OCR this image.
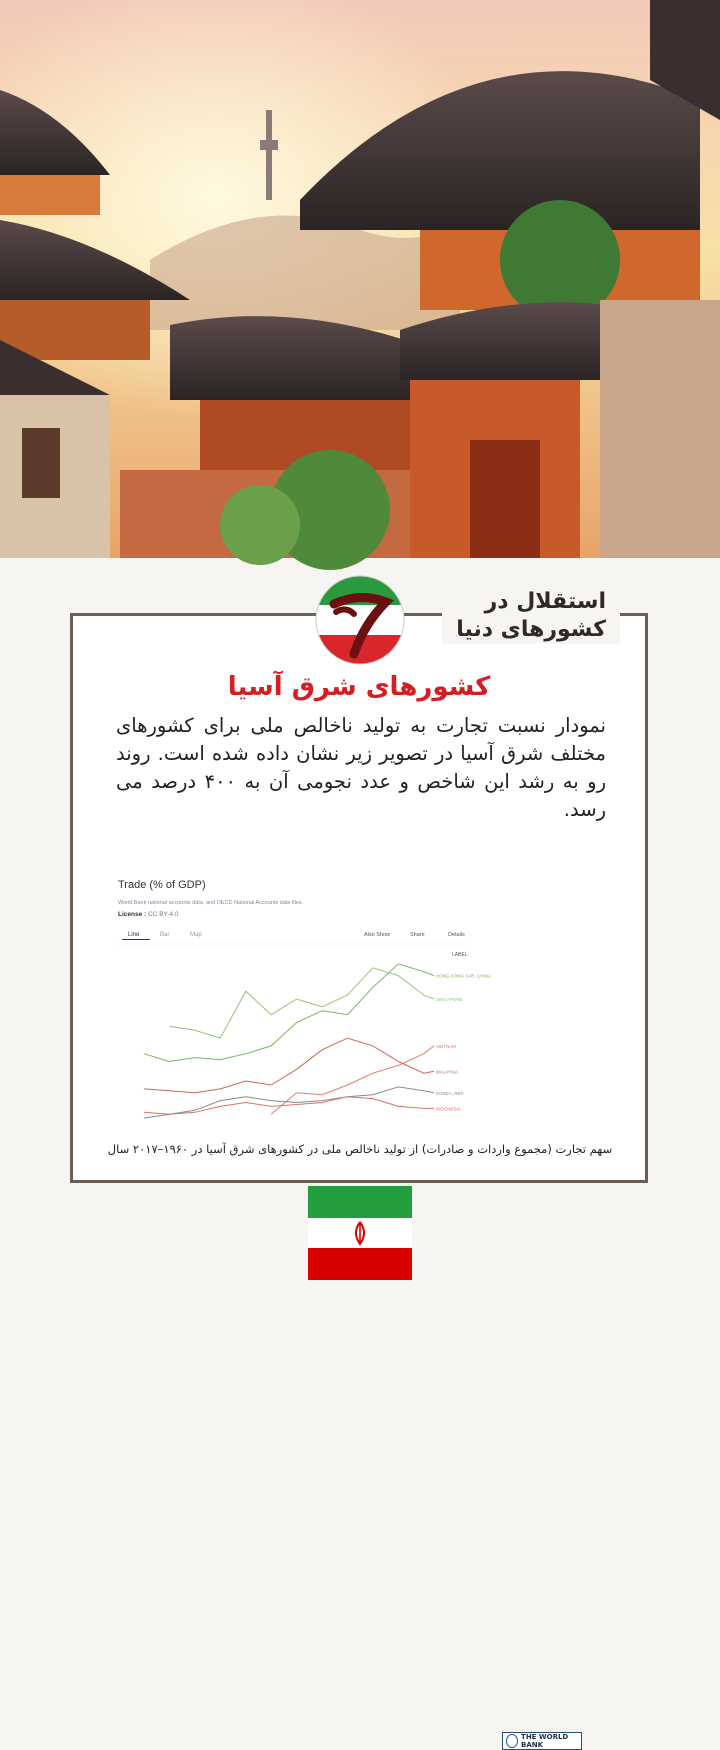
استقلال در
کشورهای دنیا
کشورهای شرق آسیا
نمودار نسبت تجارت به تولید ناخالص ملی برای کشورهای مختلف شرق آسیا در تصویر زیر نشان داده شده است. روند رو به رشد این شاخص و عدد نجومی آن به ۴۰۰ درصد می رسد.
Trade (% of GDP)
World Bank national accounts data, and OECD National Accounts data files.
License : CC BY-4.0
Line	Bar	Map	Also Show	Share	Details
LABEL
HONG KONG SAR, CHINA
SINGAPORE
VIETNAM
MALAYSIA
KOREA, REP.
INDONESIA
THE WORLD BANK
سهم تجارت (مجموع واردات و صادرات) از تولید ناخالص ملی در کشورهای شرق آسیا در ۱۹۶۰–۲۰۱۷ سال
